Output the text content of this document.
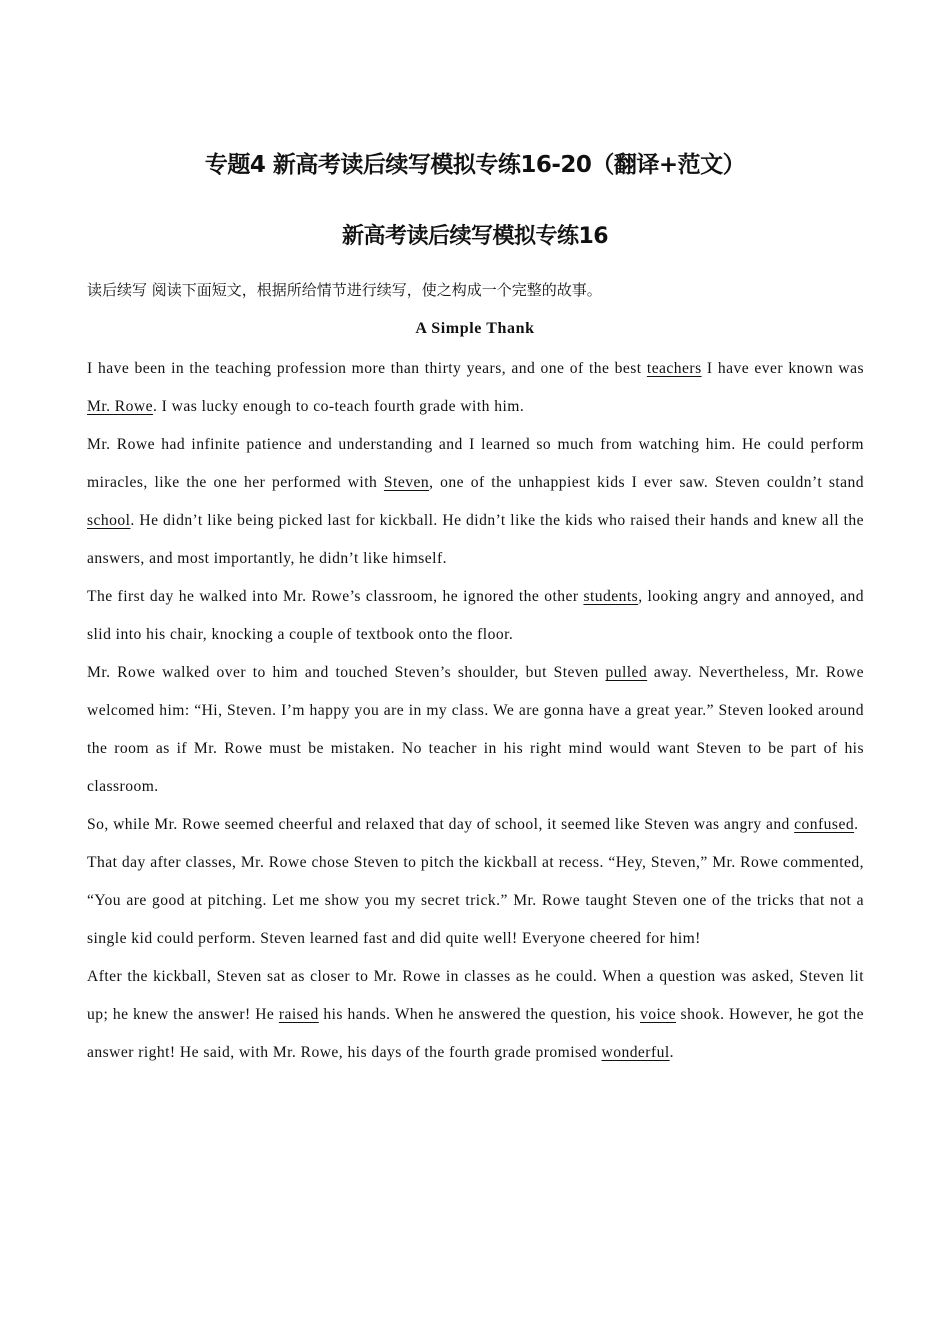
专题4 新高考读后续写模拟专练16-20（翻译+范文）
新高考读后续写模拟专练16

读后续写 阅读下面短文，根据所给情节进行续写，使之构成一个完整的故事。

A Simple Thank

I have been in the teaching profession more than thirty years, and one of the best teachers I have ever known was Mr. Rowe. I was lucky enough to co-teach fourth grade with him.

Mr. Rowe had infinite patience and understanding and I learned so much from watching him. He could perform miracles, like the one her performed with Steven, one of the unhappiest kids I ever saw. Steven couldn’t stand school. He didn’t like being picked last for kickball. He didn’t like the kids who raised their hands and knew all the answers, and most importantly, he didn’t like himself.

The first day he walked into Mr. Rowe’s classroom, he ignored the other students, looking angry and annoyed, and slid into his chair, knocking a couple of textbook onto the floor.

Mr. Rowe walked over to him and touched Steven’s shoulder, but Steven pulled away. Nevertheless, Mr. Rowe welcomed him: “Hi, Steven. I’m happy you are in my class. We are gonna have a great year.” Steven looked around the room as if Mr. Rowe must be mistaken. No teacher in his right mind would want Steven to be part of his classroom.

So, while Mr. Rowe seemed cheerful and relaxed that day of school, it seemed like Steven was angry and confused.

That day after classes, Mr. Rowe chose Steven to pitch the kickball at recess. “Hey, Steven,” Mr. Rowe commented, “You are good at pitching. Let me show you my secret trick.” Mr. Rowe taught Steven one of the tricks that not a single kid could perform. Steven learned fast and did quite well! Everyone cheered for him!

After the kickball, Steven sat as closer to Mr. Rowe in classes as he could. When a question was asked, Steven lit up; he knew the answer! He raised his hands. When he answered the question, his voice shook. However, he got the answer right! He said, with Mr. Rowe, his days of the fourth grade promised wonderful.
